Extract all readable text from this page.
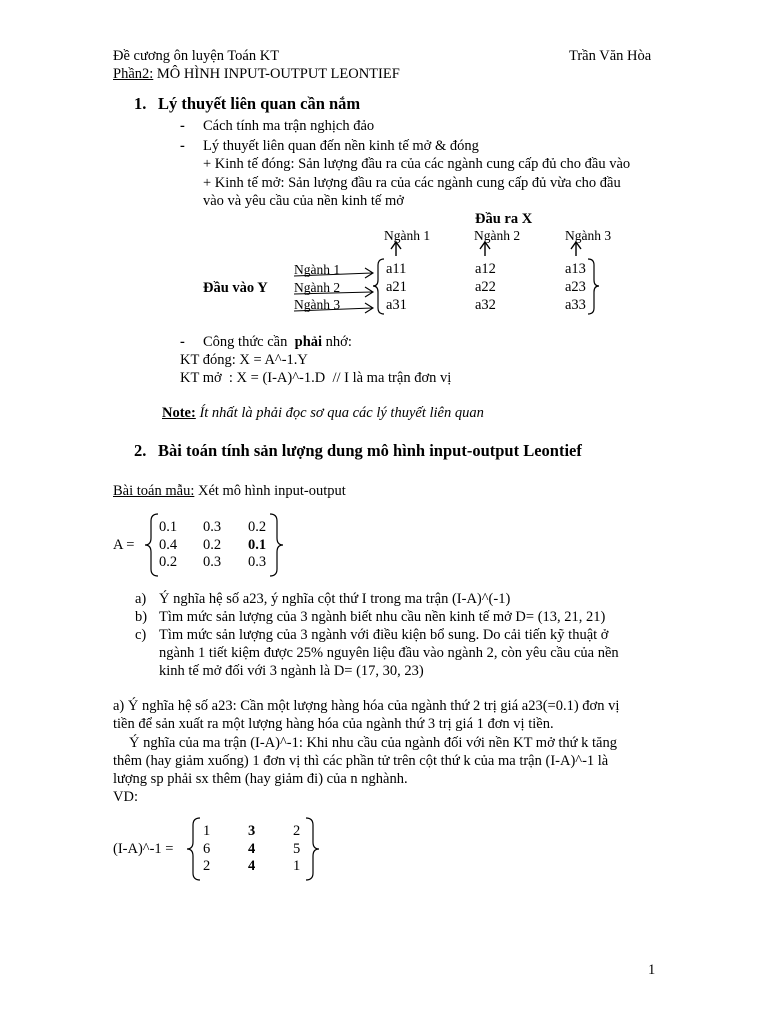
Đề cương ôn luyện Toán KT	Trần Văn Hòa
Phần2: MÔ HÌNH INPUT-OUTPUT LEONTIEF
1. Lý thuyết liên quan cần nắm
- Cách tính ma trận nghịch đảo
- Lý thuyết liên quan đến nền kinh tế mở & đóng
+ Kinh tế đóng: Sản lượng đầu ra của các ngành cung cấp đủ cho đầu vào
+ Kinh tế mở: Sản lượng đầu ra của các ngành cung cấp đủ vừa cho đầu
vào và yêu cầu của nền kinh tế mở
Đầu ra X
Ngành 1	Ngành 2	Ngành 3
Đầu vào Y
Ngành 1
Ngành 2
Ngành 3
a11	a12	a13
a21	a22	a23
a31	a32	a33
- Công thức cần phải nhớ:
KT đóng: X = A^-1.Y
KT mở  : X = (I-A)^-1.D  // I là ma trận đơn vị
Note: Ít nhất là phải đọc sơ qua các lý thuyết liên quan
2. Bài toán tính sản lượng dung mô hình input-output Leontief
Bài toán mẫu: Xét mô hình input-output
A =
0.1 0.3 0.2
0.4 0.2 0.1
0.2 0.3 0.3
a) Ý nghĩa hệ số a23, ý nghĩa cột thứ I trong ma trận (I-A)^(-1)
b) Tìm mức sản lượng của 3 ngành biết nhu cầu nền kinh tế mở D= (13, 21, 21)
c) Tìm mức sản lượng của 3 ngành với điều kiện bổ sung. Do cải tiến kỹ thuật ở
ngành 1 tiết kiệm được 25% nguyên liệu đầu vào ngành 2, còn yêu cầu của nền
kinh tế mở đối với 3 ngành là D= (17, 30, 23)
a) Ý nghĩa hệ số a23: Cần một lượng hàng hóa của ngành thứ 2 trị giá a23(=0.1) đơn vị
tiền để sản xuất ra một lượng hàng hóa của ngành thứ 3 trị giá 1 đơn vị tiền.
Ý nghĩa của ma trận (I-A)^-1: Khi nhu cầu của ngành đối với nền KT mở thứ k tăng
thêm (hay giảm xuống) 1 đơn vị thì các phần tử trên cột thứ k của ma trận (I-A)^-1 là
lượng sp phải sx thêm (hay giảm đi) của n nghành.
VD:
(I-A)^-1 =
1	3	2
6	4	5
2	4	1
1
